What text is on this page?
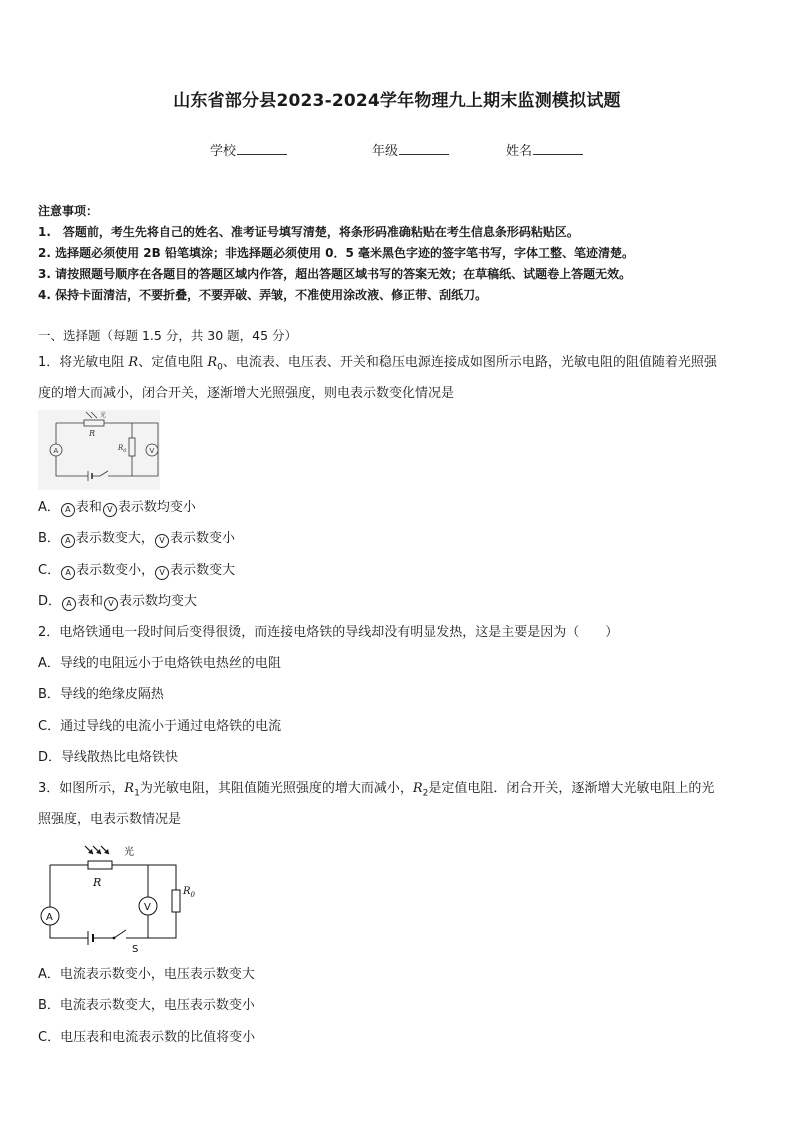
山东省部分县2023-2024学年物理九上期末监测模拟试题
学校	年级	姓名
注意事项：
1.　答题前，考生先将自己的姓名、准考证号填写清楚，将条形码准确粘贴在考生信息条形码粘贴区。
2. 选择题必须使用 2B 铅笔填涂；非选择题必须使用 0．5 毫米黑色字迹的签字笔书写，字体工整、笔迹清楚。
3. 请按照题号顺序在各题目的答题区域内作答，超出答题区域书写的答案无效；在草稿纸、试题卷上答题无效。
4. 保持卡面清洁，不要折叠，不要弄破、弄皱，不准使用涂改液、修正带、刮纸刀。
一、选择题（每题 1.5 分，共 30 题，45 分）
1．将光敏电阻 R、定值电阻 $R_0$、电流表、电压表、开关和稳压电源连接成如图所示电路，光敏电阻的阻值随着光照强
度的增大而减小，闭合开关，逐渐增大光照强度，则电表示数变化情况是
光
R
A	$R_0$	V
A． A 表和 V 表示数均变小
B． A 表示数变大， V 表示数变小
C． A 表示数变小， V 表示数变大
D． A 表和 V 表示数均变大
2．电烙铁通电一段时间后变得很烫，而连接电烙铁的导线却没有明显发热，这是主要是因为（　　）
A．导线的电阻远小于电烙铁电热丝的电阻
B．导线的绝缘皮隔热
C．通过导线的电流小于通过电烙铁的电流
D．导线散热比电烙铁快
3．如图所示，$R_1$为光敏电阻，其阻值随光照强度的增大而减小，$R_2$是定值电阻．闭合开关，逐渐增大光敏电阻上的光
照强度，电表示数情况是
光
R
A
V
$R_0$
S
A．电流表示数变小，电压表示数变大
B．电流表示数变大，电压表示数变小
C．电压表和电流表示数的比值将变小
